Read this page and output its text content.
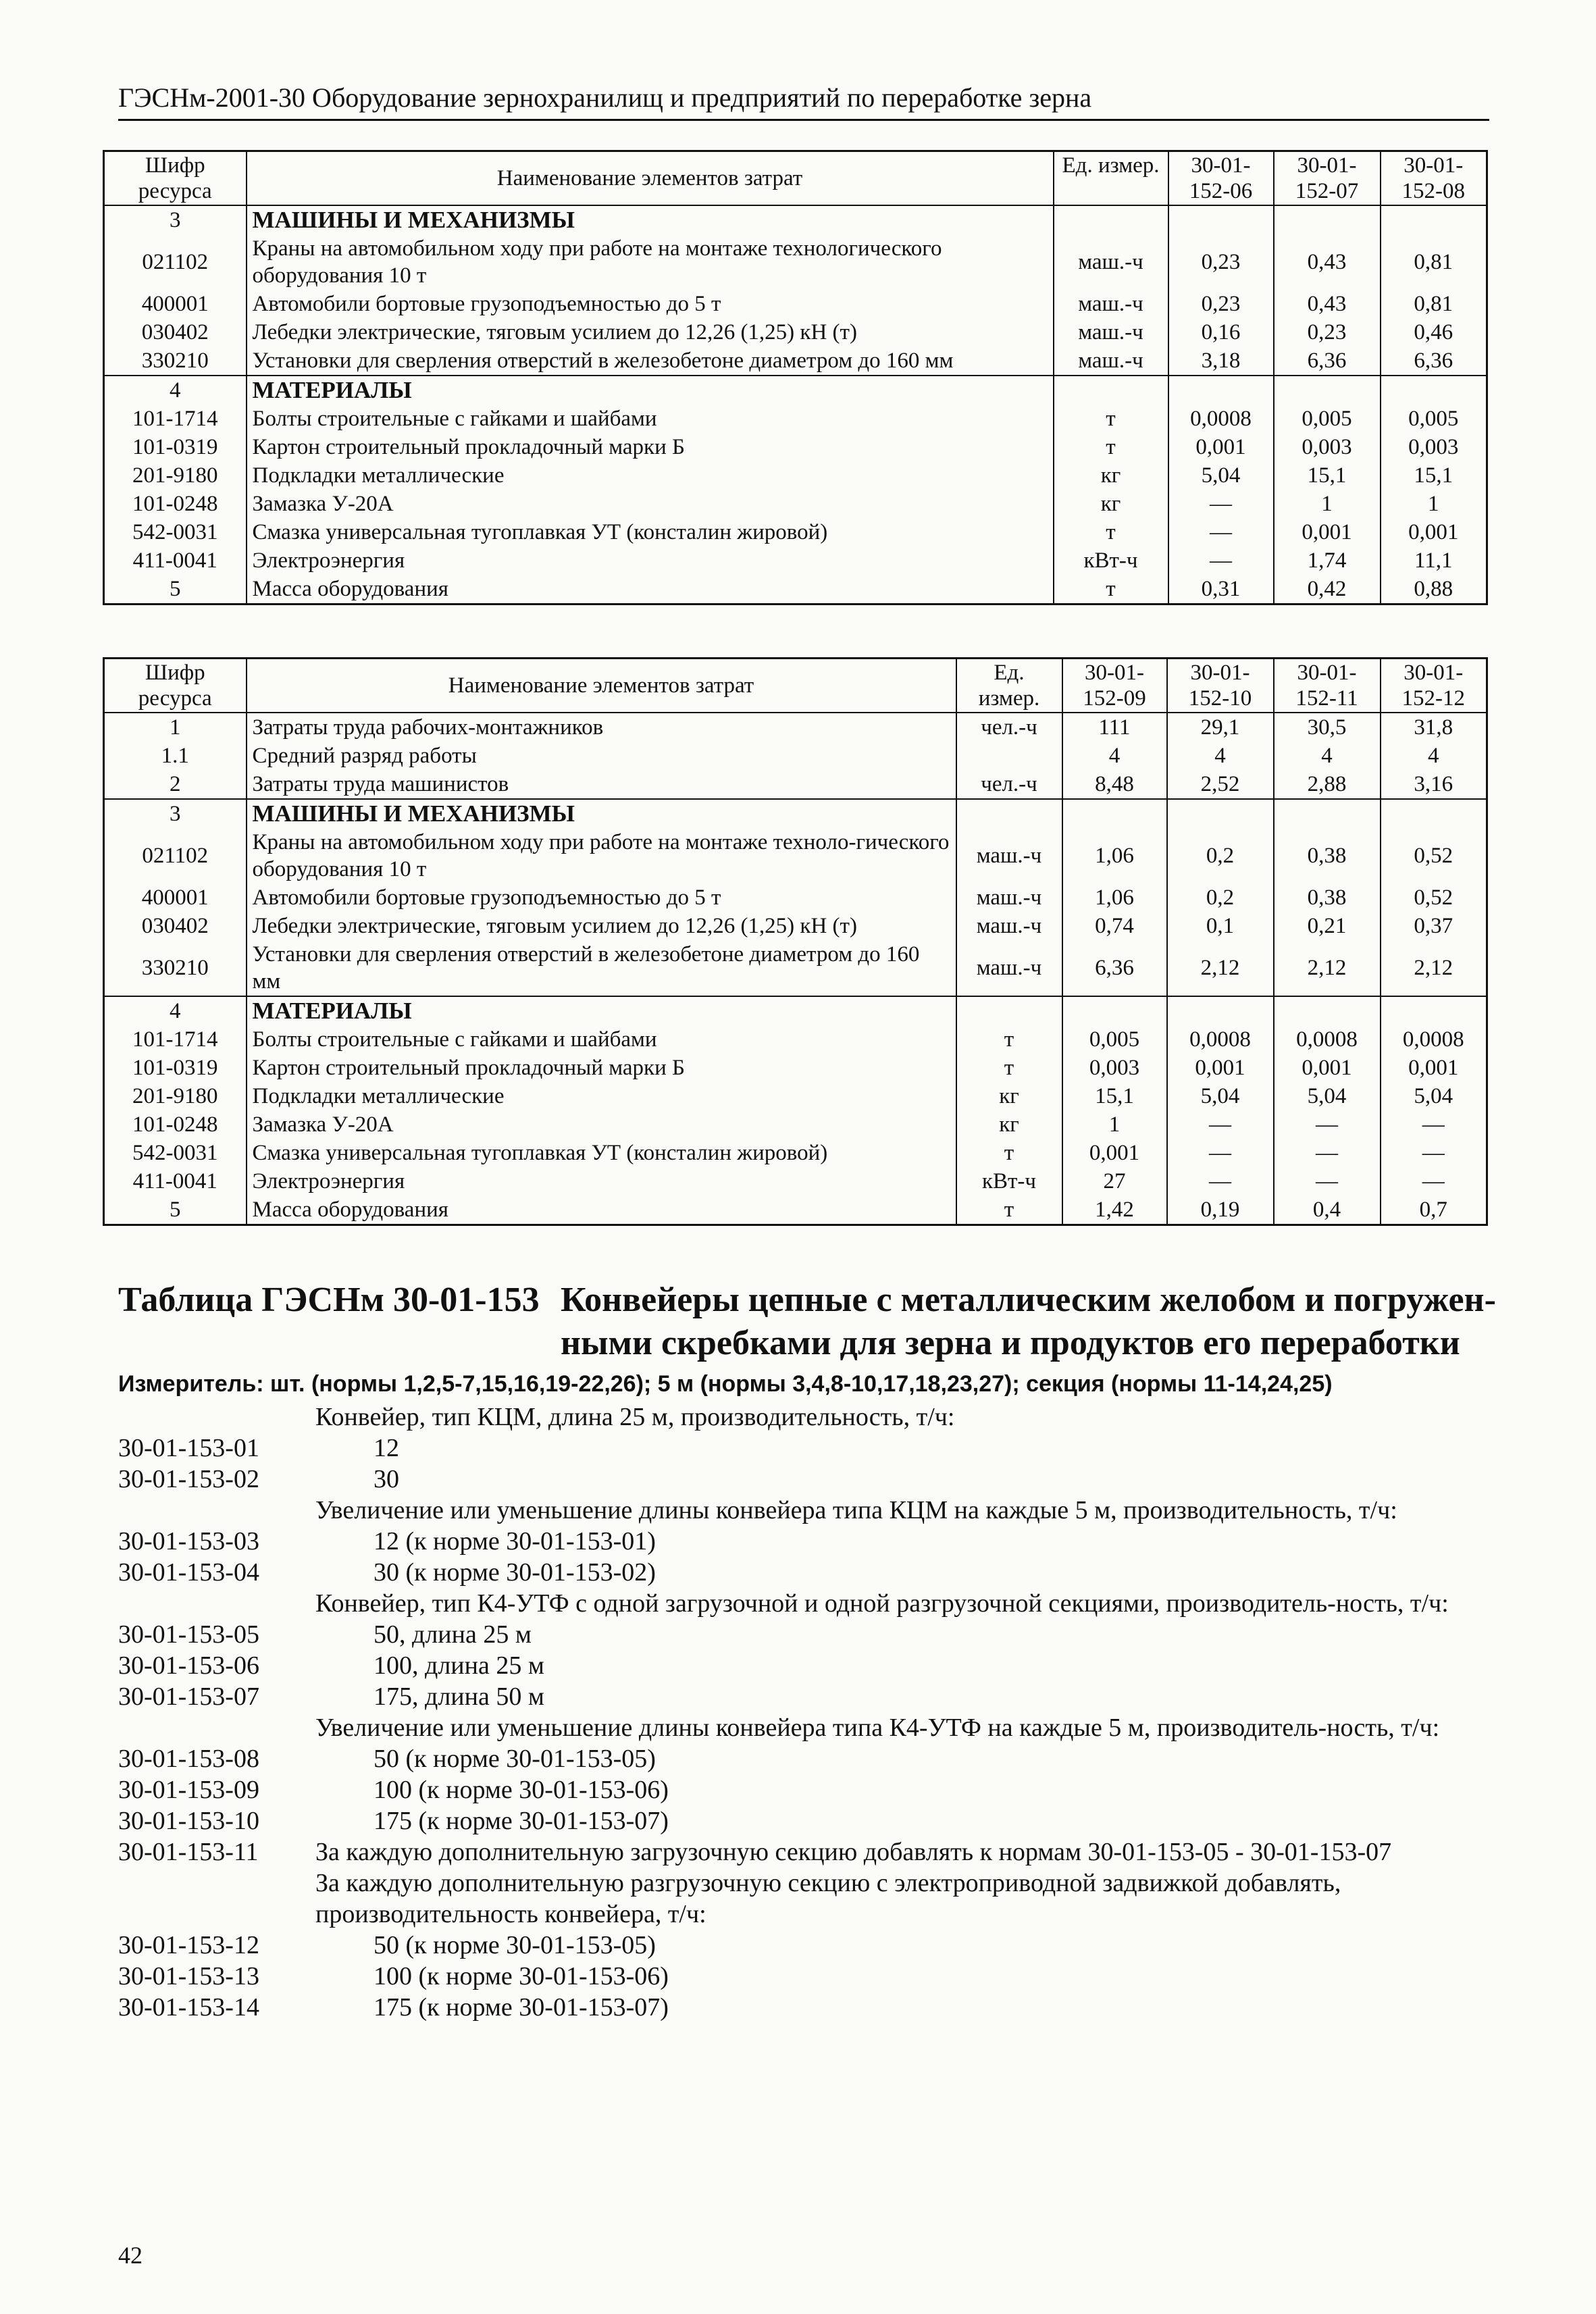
ГЭСНм-2001-30 Оборудование зернохранилищ и предприятий по переработке зерна
Шифр ресурса	Наименование элементов затрат	Ед. измер.	30-01-152-06	30-01-152-07	30-01-152-08
3	МАШИНЫ И МЕХАНИЗМЫ				
021102	Краны на автомобильном ходу при работе на монтаже технологического оборудования 10 т	маш.-ч	0,23	0,43	0,81
400001	Автомобили бортовые грузоподъемностью до 5 т	маш.-ч	0,23	0,43	0,81
030402	Лебедки электрические, тяговым усилием до 12,26 (1,25) кН (т)	маш.-ч	0,16	0,23	0,46
330210	Установки для сверления отверстий в железобетоне диаметром до 160 мм	маш.-ч	3,18	6,36	6,36
4	МАТЕРИАЛЫ				
101-1714	Болты строительные с гайками и шайбами	т	0,0008	0,005	0,005
101-0319	Картон строительный прокладочный марки Б	т	0,001	0,003	0,003
201-9180	Подкладки металлические	кг	5,04	15,1	15,1
101-0248	Замазка У-20А	кг	—	1	1
542-0031	Смазка универсальная тугоплавкая УТ (консталин жировой)	т	—	0,001	0,001
411-0041	Электроэнергия	кВт-ч	—	1,74	11,1
5	Масса оборудования	т	0,31	0,42	0,88
Шифр ресурса	Наименование элементов затрат	Ед. измер.	30-01-152-09	30-01-152-10	30-01-152-11	30-01-152-12
1	Затраты труда рабочих-монтажников	чел.-ч	111	29,1	30,5	31,8
1.1	Средний разряд работы		4	4	4	4
2	Затраты труда машинистов	чел.-ч	8,48	2,52	2,88	3,16
3	МАШИНЫ И МЕХАНИЗМЫ					
021102	Краны на автомобильном ходу при работе на монтаже техноло-гического оборудования 10 т	маш.-ч	1,06	0,2	0,38	0,52
400001	Автомобили бортовые грузоподъемностью до 5 т	маш.-ч	1,06	0,2	0,38	0,52
030402	Лебедки электрические, тяговым усилием до 12,26 (1,25) кН (т)	маш.-ч	0,74	0,1	0,21	0,37
330210	Установки для сверления отверстий в железобетоне диаметром до 160 мм	маш.-ч	6,36	2,12	2,12	2,12
4	МАТЕРИАЛЫ					
101-1714	Болты строительные с гайками и шайбами	т	0,005	0,0008	0,0008	0,0008
101-0319	Картон строительный прокладочный марки Б	т	0,003	0,001	0,001	0,001
201-9180	Подкладки металлические	кг	15,1	5,04	5,04	5,04
101-0248	Замазка У-20А	кг	1	—	—	—
542-0031	Смазка универсальная тугоплавкая УТ (консталин жировой)	т	0,001	—	—	—
411-0041	Электроэнергия	кВт-ч	27	—	—	—
5	Масса оборудования	т	1,42	0,19	0,4	0,7
Таблица ГЭСНм 30-01-153 Конвейеры цепные с металлическим желобом и погружен-ными скребками для зерна и продуктов его переработки
Измеритель: шт. (нормы 1,2,5-7,15,16,19-22,26); 5 м (нормы 3,4,8-10,17,18,23,27); секция (нормы 11-14,24,25)
Конвейер, тип КЦМ, длина 25 м, производительность, т/ч:
30-01-153-01	12
30-01-153-02	30
Увеличение или уменьшение длины конвейера типа КЦМ на каждые 5 м, производительность, т/ч:
30-01-153-03	12 (к норме 30-01-153-01)
30-01-153-04	30 (к норме 30-01-153-02)
Конвейер, тип К4-УТФ с одной загрузочной и одной разгрузочной секциями, производитель-ность, т/ч:
30-01-153-05	50, длина 25 м
30-01-153-06	100, длина 25 м
30-01-153-07	175, длина 50 м
Увеличение или уменьшение длины конвейера типа К4-УТФ на каждые 5 м, производитель-ность, т/ч:
30-01-153-08	50 (к норме 30-01-153-05)
30-01-153-09	100 (к норме 30-01-153-06)
30-01-153-10	175 (к норме 30-01-153-07)
30-01-153-11 За каждую дополнительную загрузочную секцию добавлять к нормам 30-01-153-05 - 30-01-153-07
За каждую дополнительную разгрузочную секцию с электроприводной задвижкой добавлять, производительность конвейера, т/ч:
30-01-153-12	50 (к норме 30-01-153-05)
30-01-153-13	100 (к норме 30-01-153-06)
30-01-153-14	175 (к норме 30-01-153-07)
42
